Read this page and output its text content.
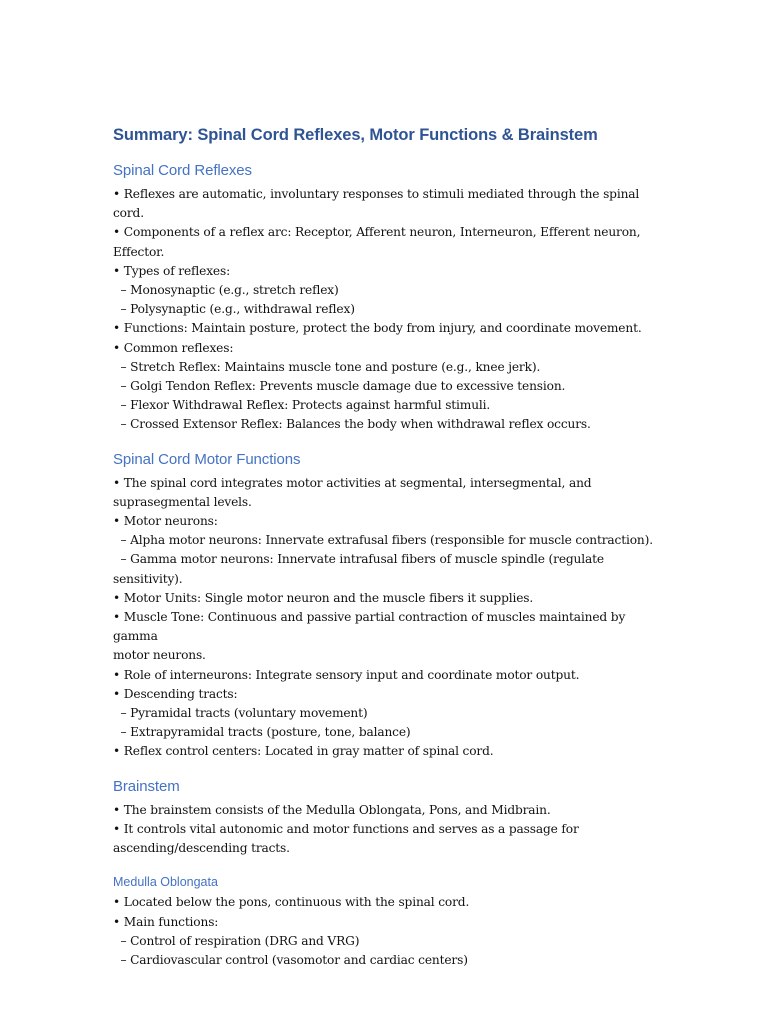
Summary: Spinal Cord Reflexes, Motor Functions & Brainstem
Spinal Cord Reflexes
• Reflexes are automatic, involuntary responses to stimuli mediated through the spinal cord.
• Components of a reflex arc: Receptor, Afferent neuron, Interneuron, Efferent neuron,
Effector.
• Types of reflexes:
– Monosynaptic (e.g., stretch reflex)
– Polysynaptic (e.g., withdrawal reflex)
• Functions: Maintain posture, protect the body from injury, and coordinate movement.
• Common reflexes:
– Stretch Reflex: Maintains muscle tone and posture (e.g., knee jerk).
– Golgi Tendon Reflex: Prevents muscle damage due to excessive tension.
– Flexor Withdrawal Reflex: Protects against harmful stimuli.
– Crossed Extensor Reflex: Balances the body when withdrawal reflex occurs.
Spinal Cord Motor Functions
• The spinal cord integrates motor activities at segmental, intersegmental, and
suprasegmental levels.
• Motor neurons:
– Alpha motor neurons: Innervate extrafusal fibers (responsible for muscle contraction).
– Gamma motor neurons: Innervate intrafusal fibers of muscle spindle (regulate
sensitivity).
• Motor Units: Single motor neuron and the muscle fibers it supplies.
• Muscle Tone: Continuous and passive partial contraction of muscles maintained by gamma
motor neurons.
• Role of interneurons: Integrate sensory input and coordinate motor output.
• Descending tracts:
– Pyramidal tracts (voluntary movement)
– Extrapyramidal tracts (posture, tone, balance)
• Reflex control centers: Located in gray matter of spinal cord.
Brainstem
• The brainstem consists of the Medulla Oblongata, Pons, and Midbrain.
• It controls vital autonomic and motor functions and serves as a passage for
ascending/descending tracts.
Medulla Oblongata
• Located below the pons, continuous with the spinal cord.
• Main functions:
– Control of respiration (DRG and VRG)
– Cardiovascular control (vasomotor and cardiac centers)
